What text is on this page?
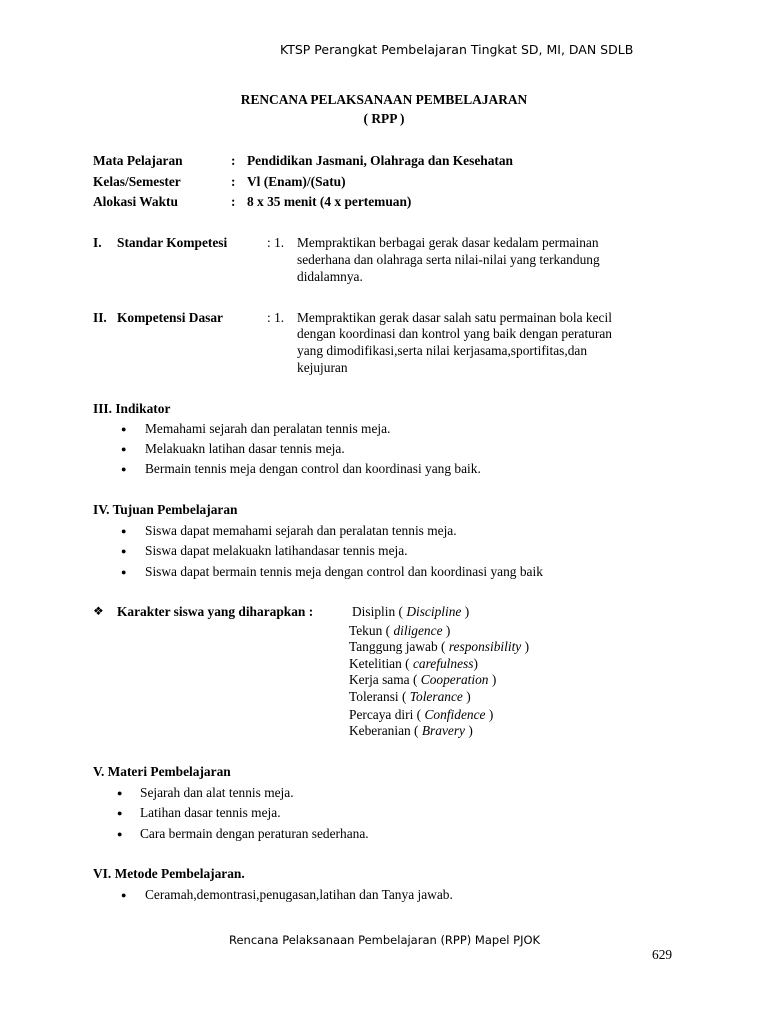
KTSP Perangkat Pembelajaran Tingkat SD, MI, DAN SDLB
RENCANA PELAKSANAAN PEMBELAJARAN
( RPP )
Mata Pelajaran	: Pendidikan Jasmani, Olahraga dan Kesehatan
Kelas/Semester	: Vl (Enam)/(Satu)
Alokasi Waktu	: 8 x 35 menit (4 x pertemuan)
I. Standar Kompetesi	: 1. Mempraktikan berbagai gerak dasar kedalam permainan
sederhana dan olahraga serta nilai-nilai yang terkandung
didalamnya.
II. Kompetensi Dasar	: 1. Mempraktikan gerak dasar salah satu permainan bola kecil
dengan koordinasi dan kontrol yang baik dengan peraturan
yang dimodifikasi,serta nilai kerjasama,sportifitas,dan
kejujuran
III. Indikator
● Memahami sejarah dan peralatan tennis meja.
● Melakuakn latihan dasar tennis meja.
● Bermain tennis meja dengan control dan koordinasi yang baik.
IV. Tujuan Pembelajaran
● Siswa dapat memahami sejarah dan peralatan tennis meja.
● Siswa dapat melakuakn latihandasar tennis meja.
● Siswa dapat bermain tennis meja dengan control dan koordinasi yang baik
❖ Karakter siswa yang diharapkan :	Disiplin ( Discipline )
Tekun ( diligence )
Tanggung jawab ( responsibility )
Ketelitian ( carefulness)
Kerja sama ( Cooperation )
Toleransi ( Tolerance )
Percaya diri ( Confidence )
Keberanian ( Bravery )
V. Materi Pembelajaran
● Sejarah dan alat tennis meja.
● Latihan dasar tennis meja.
● Cara bermain dengan peraturan sederhana.
VI. Metode Pembelajaran.
● Ceramah,demontrasi,penugasan,latihan dan Tanya jawab.
Rencana Pelaksanaan Pembelajaran (RPP) Mapel PJOK
629
